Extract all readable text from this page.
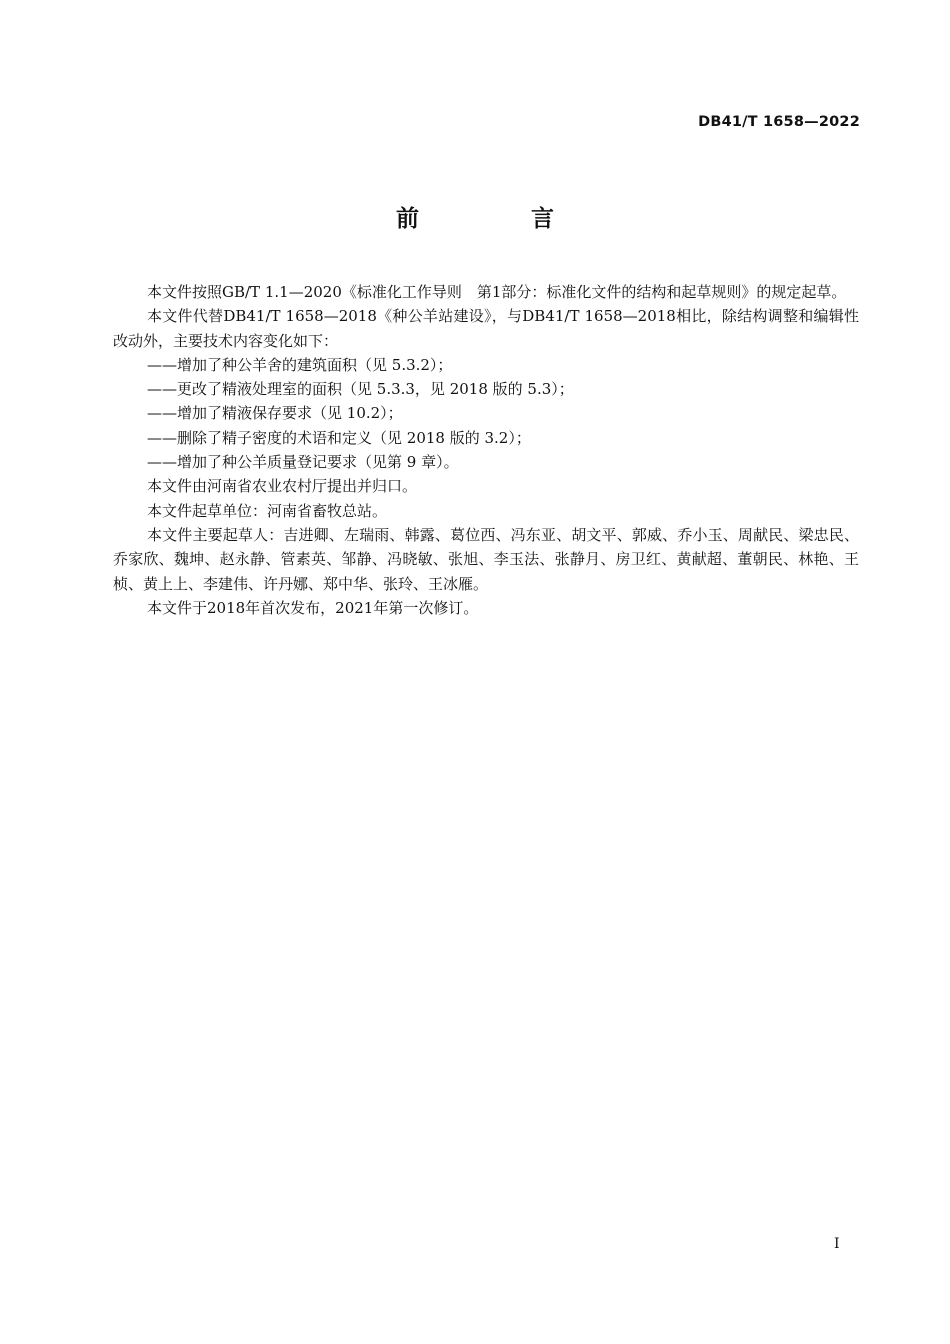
DB41/T 1658—2022
前 言

本文件按照GB/T 1.1—2020《标准化工作导则　第1部分：标准化文件的结构和起草规则》的规定起草。

本文件代替DB41/T 1658—2018《种公羊站建设》，与DB41/T 1658—2018相比，除结构调整和编辑性改动外，主要技术内容变化如下：

——增加了种公羊舍的建筑面积（见 5.3.2）；

——更改了精液处理室的面积（见 5.3.3，见 2018 版的 5.3）；

——增加了精液保存要求（见 10.2）；

——删除了精子密度的术语和定义（见 2018 版的 3.2）；

——增加了种公羊质量登记要求（见第 9 章）。

本文件由河南省农业农村厅提出并归口。

本文件起草单位：河南省畜牧总站。

本文件主要起草人：吉进卿、左瑞雨、韩露、葛位西、冯东亚、胡文平、郭威、乔小玉、周献民、梁忠民、乔家欣、魏坤、赵永静、管素英、邹静、冯晓敏、张旭、李玉法、张静月、房卫红、黄献超、董朝民、林艳、王桢、黄上上、李建伟、许丹娜、郑中华、张玲、王冰雁。

本文件于2018年首次发布，2021年第一次修订。

I
